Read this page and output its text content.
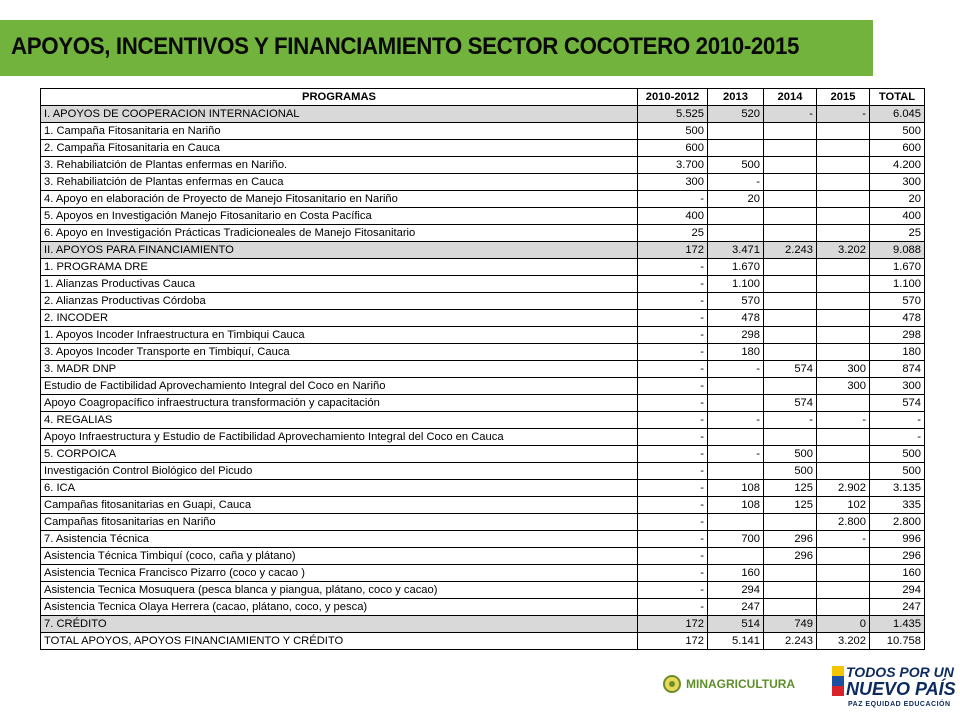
APOYOS, INCENTIVOS Y FINANCIAMIENTO SECTOR COCOTERO 2010-2015
PROGRAMAS	2010-2012	2013	2014	2015	TOTAL
I. APOYOS DE COOPERACION INTERNACIONAL	5.525	520	-	-	6.045
1. Campaña Fitosanitaria en Nariño	500				500
2. Campaña Fitosanitaria en Cauca	600				600
3. Rehabiliatción de Plantas enfermas en Nariño.	3.700	500			4.200
3. Rehabiliatción de Plantas enfermas en Cauca	300	-			300
4. Apoyo en elaboración de Proyecto de Manejo Fitosanitario en Nariño	-	20			20
5. Apoyos en Investigación Manejo Fitosanitario en Costa Pacífica	400				400
6. Apoyo en Investigación Prácticas Tradicioneales de Manejo Fitosanitario	25				25
II. APOYOS PARA FINANCIAMIENTO	172	3.471	2.243	3.202	9.088
1. PROGRAMA DRE	-	1.670			1.670
1. Alianzas Productivas Cauca	-	1.100			1.100
2. Alianzas Productivas Córdoba	-	570			570
2. INCODER	-	478			478
1. Apoyos Incoder Infraestructura en Timbiqui Cauca	-	298			298
3. Apoyos Incoder Transporte en Timbiquí, Cauca	-	180			180
3. MADR DNP	-	-	574	300	874
Estudio de Factibilidad Aprovechamiento Integral del Coco en Nariño	-			300	300
Apoyo Coagropacífico infraestructura transformación y capacitación	-		574		574
4. REGALIAS	-	-	-	-	-
Apoyo Infraestructura y Estudio de Factibilidad Aprovechamiento Integral del Coco en Cauca	-				-
5. CORPOICA	-	-	500		500
Investigación Control Biológico del Picudo	-		500		500
6. ICA	-	108	125	2.902	3.135
Campañas fitosanitarias en Guapi, Cauca	-	108	125	102	335
Campañas fitosanitarias en Nariño	-			2.800	2.800
7. Asistencia Técnica	-	700	296	-	996
Asistencia Técnica Timbiquí (coco, caña y plátano)	-		296		296
Asistencia Tecnica Francisco Pizarro (coco y cacao )	-	160			160
Asistencia Tecnica Mosuquera (pesca blanca y piangua, plátano, coco y cacao)	-	294			294
Asistencia Tecnica Olaya Herrera (cacao, plátano, coco, y pesca)	-	247			247
7. CRÉDITO	172	514	749	0	1.435
TOTAL APOYOS, APOYOS FINANCIAMIENTO Y CRÉDITO	172	5.141	2.243	3.202	10.758
MINAGRICULTURA
TODOS POR UN
NUEVO PAÍS
PAZ EQUIDAD EDUCACIÓN
